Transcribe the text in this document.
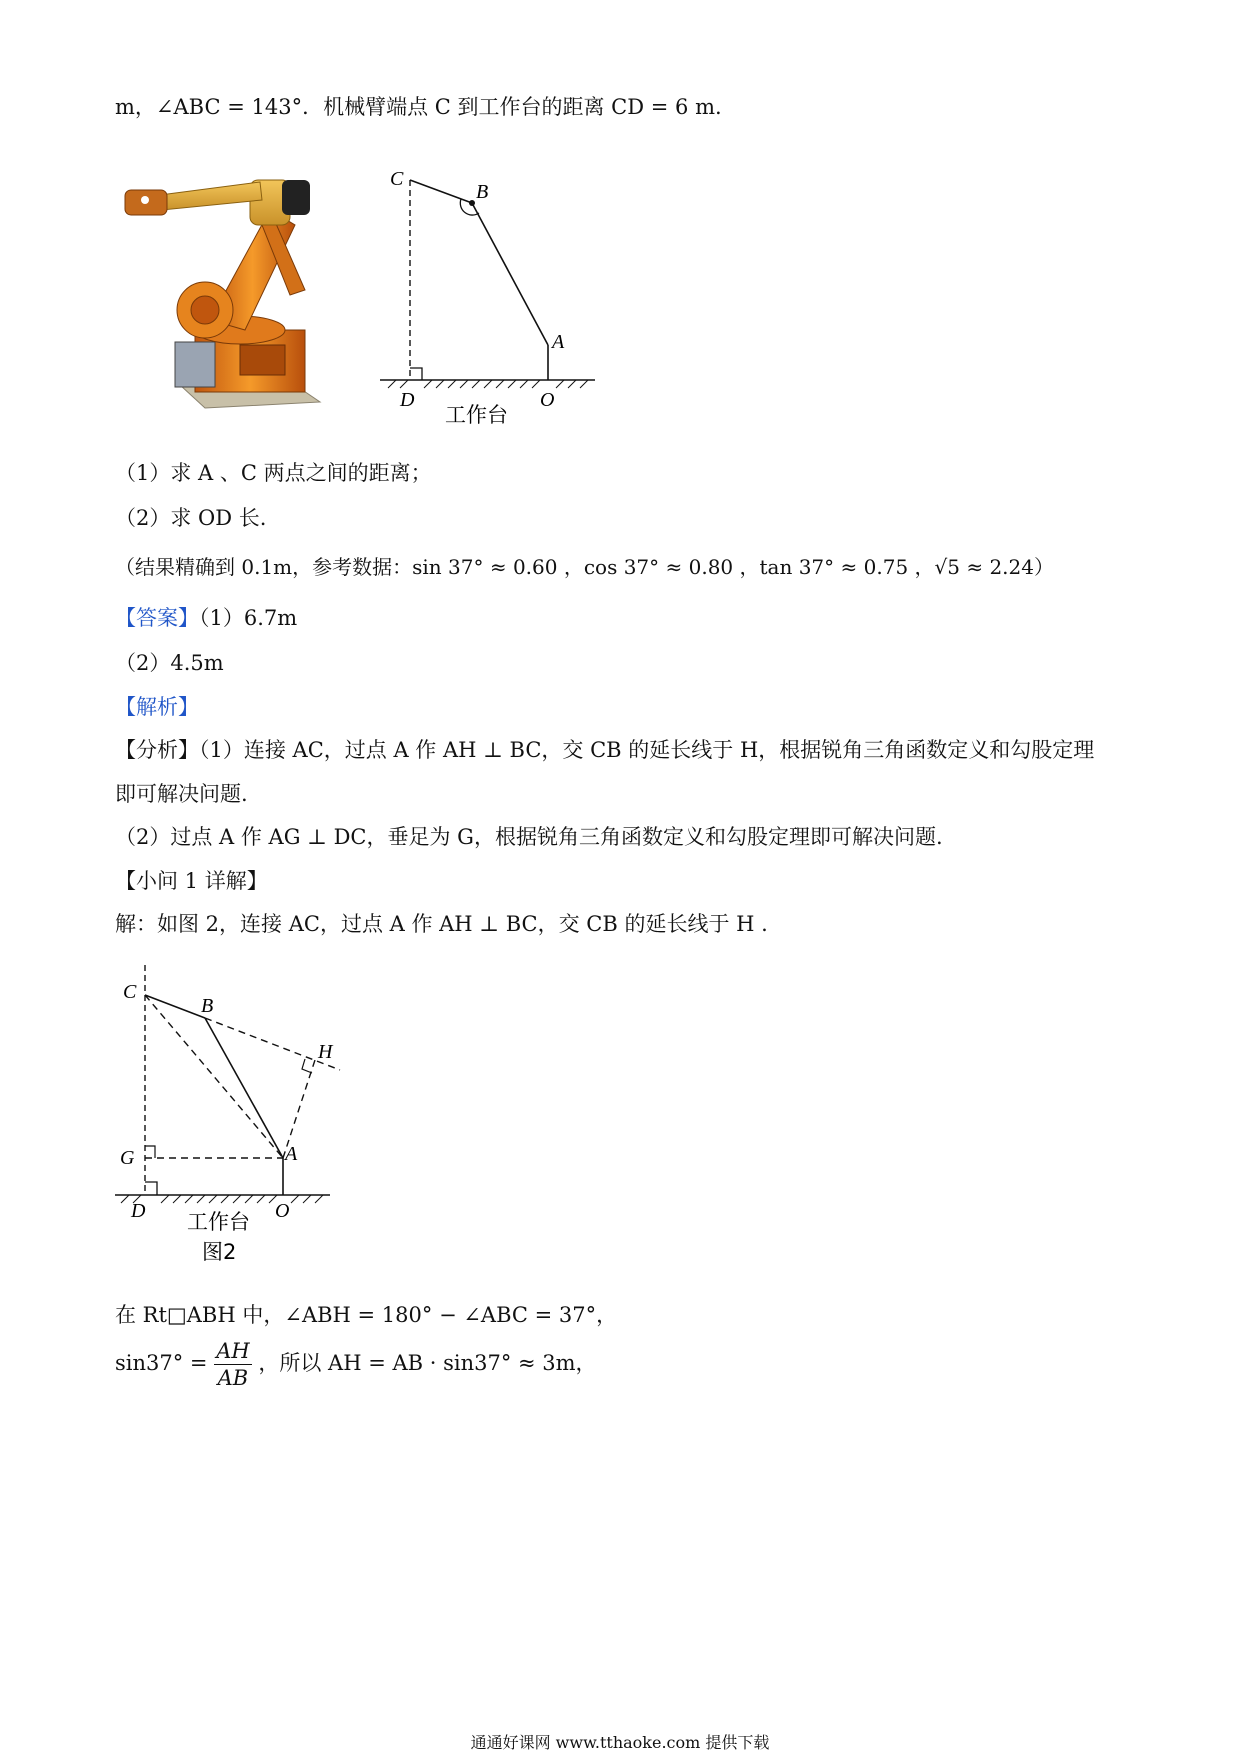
m，∠ABC = 143°．机械臂端点 C 到工作台的距离 CD = 6 m.
C
B
A
D	O
工作台
（1）求 A 、C 两点之间的距离；
（2）求 OD 长.
（结果精确到 0.1m，参考数据：sin 37° ≈ 0.60 ，cos 37° ≈ 0.80 ，tan 37° ≈ 0.75 ，√5 ≈ 2.24）
【答案】（1）6.7m
（2）4.5m
【解析】
【分析】（1）连接 AC，过点 A 作 AH ⊥ BC，交 CB 的延长线于 H，根据锐角三角函数定义和勾股定理
即可解决问题.
（2）过点 A 作 AG ⊥ DC，垂足为 G，根据锐角三角函数定义和勾股定理即可解决问题.
【小问 1 详解】
解：如图 2，连接 AC，过点 A 作 AH ⊥ BC，交 CB 的延长线于 H .
C
B
H
G	A
D	O
工作台
图2
在 Rt□ABH 中，∠ABH = 180° − ∠ABC = 37°，
$\sin 37^\circ = \frac{AH}{AB}$ ，所以 AH = AB · sin37° ≈ 3m，
通通好课网 www.tthaoke.com 提供下载
